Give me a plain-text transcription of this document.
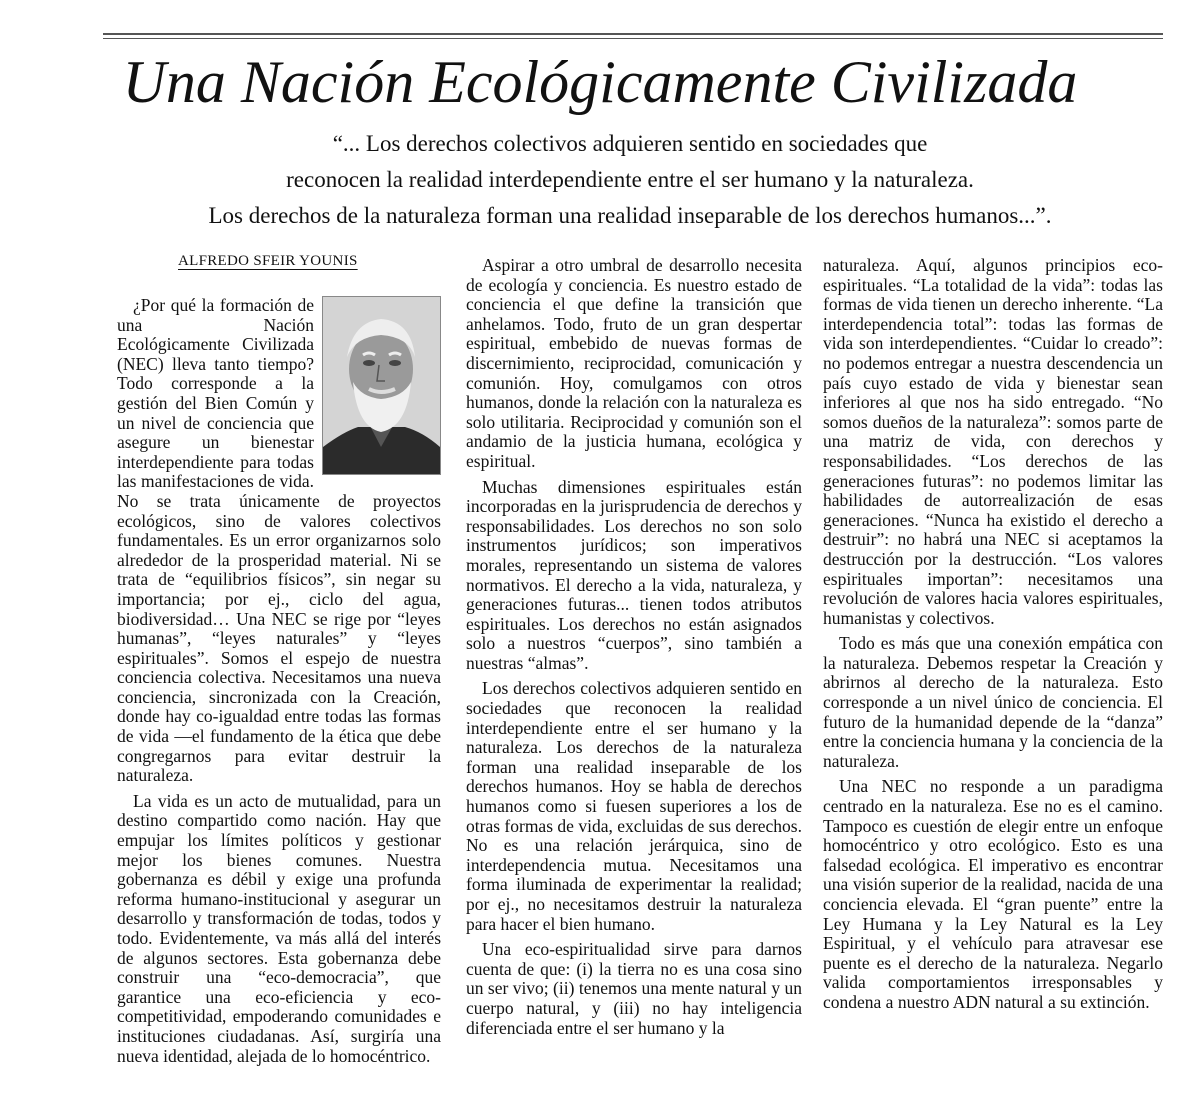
Una Nación Ecológicamente Civilizada
“... Los derechos colectivos adquieren sentido en sociedades que
reconocen la realidad interdependiente entre el ser humano y la naturaleza.
Los derechos de la naturaleza forman una realidad inseparable de los derechos humanos...”.
ALFREDO SFEIR YOUNIS

¿Por qué la formación de una Nación Ecológicamente Civilizada (NEC) lleva tanto tiempo? Todo corresponde a la gestión del Bien Común y un nivel de conciencia que asegure un bienestar interdependiente para todas las manifestaciones de vida. No se trata únicamente de proyectos ecológicos, sino de valores colectivos fundamentales. Es un error organizarnos solo alrededor de la prosperidad material. Ni se trata de “equilibrios físicos”, sin negar su importancia; por ej., ciclo del agua, biodiversidad… Una NEC se rige por “leyes humanas”, “leyes naturales” y “leyes espirituales”. Somos el espejo de nuestra conciencia colectiva. Necesitamos una nueva conciencia, sincronizada con la Creación, donde hay co-igualdad entre todas las formas de vida —el fundamento de la ética que debe congregarnos para evitar destruir la naturaleza.

La vida es un acto de mutualidad, para un destino compartido como nación. Hay que empujar los límites políticos y gestionar mejor los bienes comunes. Nuestra gobernanza es débil y exige una profunda reforma humano-institucional y asegurar un desarrollo y transformación de todas, todos y todo. Evidentemente, va más allá del interés de algunos sectores. Esta gobernanza debe construir una “eco-democracia”, que garantice una eco-eficiencia y eco-competitividad, empoderando comunidades e instituciones ciudadanas. Así, surgiría una nueva identidad, alejada de lo homocéntrico.

Aspirar a otro umbral de desarrollo necesita de ecología y conciencia. Es nuestro estado de conciencia el que define la transición que anhelamos. Todo, fruto de un gran despertar espiritual, embebido de nuevas formas de discernimiento, reciprocidad, comunicación y comunión. Hoy, comulgamos con otros humanos, donde la relación con la naturaleza es solo utilitaria. Reciprocidad y comunión son el andamio de la justicia humana, ecológica y espiritual.

Muchas dimensiones espirituales están incorporadas en la jurisprudencia de derechos y responsabilidades. Los derechos no son solo instrumentos jurídicos; son imperativos morales, representando un sistema de valores normativos. El derecho a la vida, naturaleza, y generaciones futuras... tienen todos atributos espirituales. Los derechos no están asignados solo a nuestros “cuerpos”, sino también a nuestras “almas”.

Los derechos colectivos adquieren sentido en sociedades que reconocen la realidad interdependiente entre el ser humano y la naturaleza. Los derechos de la naturaleza forman una realidad inseparable de los derechos humanos. Hoy se habla de derechos humanos como si fuesen superiores a los de otras formas de vida, excluidas de sus derechos. No es una relación jerárquica, sino de interdependencia mutua. Necesitamos una forma iluminada de experimentar la realidad; por ej., no necesitamos destruir la naturaleza para hacer el bien humano.

Una eco-espiritualidad sirve para darnos cuenta de que: (i) la tierra no es una cosa sino un ser vivo; (ii) tenemos una mente natural y un cuerpo natural, y (iii) no hay inteligencia diferenciada entre el ser humano y la

naturaleza. Aquí, algunos principios eco-espirituales. “La totalidad de la vida”: todas las formas de vida tienen un derecho inherente. “La interdependencia total”: todas las formas de vida son interdependientes. “Cuidar lo creado”: no podemos entregar a nuestra descendencia un país cuyo estado de vida y bienestar sean inferiores al que nos ha sido entregado. “No somos dueños de la naturaleza”: somos parte de una matriz de vida, con derechos y responsabilidades. “Los derechos de las generaciones futuras”: no podemos limitar las habilidades de autorrealización de esas generaciones. “Nunca ha existido el derecho a destruir”: no habrá una NEC si aceptamos la destrucción por la destrucción. “Los valores espirituales importan”: necesitamos una revolución de valores hacia valores espirituales, humanistas y colectivos.

Todo es más que una conexión empática con la naturaleza. Debemos respetar la Creación y abrirnos al derecho de la naturaleza. Esto corresponde a un nivel único de conciencia. El futuro de la humanidad depende de la “danza” entre la conciencia humana y la conciencia de la naturaleza.

Una NEC no responde a un paradigma centrado en la naturaleza. Ese no es el camino. Tampoco es cuestión de elegir entre un enfoque homocéntrico y otro ecológico. Esto es una falsedad ecológica. El imperativo es encontrar una visión superior de la realidad, nacida de una conciencia elevada. El “gran puente” entre la Ley Humana y la Ley Natural es la Ley Espiritual, y el vehículo para atravesar ese puente es el derecho de la naturaleza. Negarlo valida comportamientos irresponsables y condena a nuestro ADN natural a su extinción.
